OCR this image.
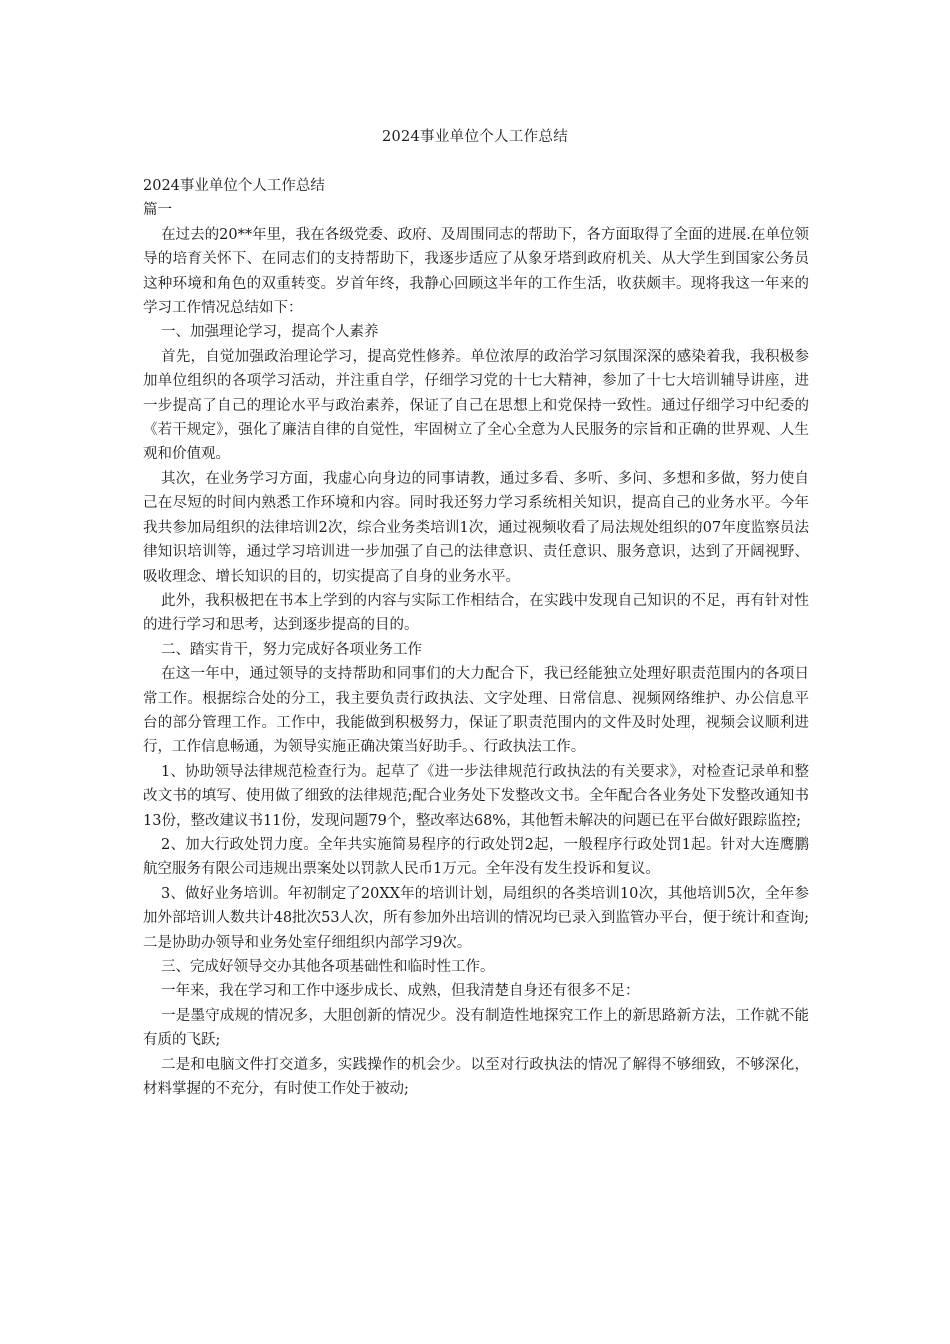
2024事业单位个人工作总结

2024事业单位个人工作总结

篇一

在过去的20**年里，我在各级党委、政府、及周围同志的帮助下，各方面取得了全面的进展.在单位领导的培育关怀下、在同志们的支持帮助下，我逐步适应了从象牙塔到政府机关、从大学生到国家公务员这种环境和角色的双重转变。岁首年终，我静心回顾这半年的工作生活，收获颇丰。现将我这一年来的学习工作情况总结如下：

一、加强理论学习，提高个人素养

首先，自觉加强政治理论学习，提高党性修养。单位浓厚的政治学习氛围深深的感染着我，我积极参加单位组织的各项学习活动，并注重自学，仔细学习党的十七大精神，参加了十七大培训辅导讲座，进一步提高了自己的理论水平与政治素养，保证了自己在思想上和党保持一致性。通过仔细学习中纪委的《若干规定》，强化了廉洁自律的自觉性，牢固树立了全心全意为人民服务的宗旨和正确的世界观、人生观和价值观。

其次，在业务学习方面，我虚心向身边的同事请教，通过多看、多听、多问、多想和多做，努力使自己在尽短的时间内熟悉工作环境和内容。同时我还努力学习系统相关知识，提高自己的业务水平。今年我共参加局组织的法律培训2次，综合业务类培训1次，通过视频收看了局法规处组织的07年度监察员法律知识培训等，通过学习培训进一步加强了自己的法律意识、责任意识、服务意识，达到了开阔视野、吸收理念、增长知识的目的，切实提高了自身的业务水平。

此外，我积极把在书本上学到的内容与实际工作相结合，在实践中发现自己知识的不足，再有针对性的进行学习和思考，达到逐步提高的目的。

二、踏实肯干，努力完成好各项业务工作

在这一年中，通过领导的支持帮助和同事们的大力配合下，我已经能独立处理好职责范围内的各项日常工作。根据综合处的分工，我主要负责行政执法、文字处理、日常信息、视频网络维护、办公信息平台的部分管理工作。工作中，我能做到积极努力，保证了职责范围内的文件及时处理，视频会议顺利进行，工作信息畅通，为领导实施正确决策当好助手。、行政执法工作。

1、协助领导法律规范检查行为。起草了《进一步法律规范行政执法的有关要求》，对检查记录单和整改文书的填写、使用做了细致的法律规范;配合业务处下发整改文书。全年配合各业务处下发整改通知书13份，整改建议书11份，发现问题79个，整改率达68%，其他暂未解决的问题已在平台做好跟踪监控;

2、加大行政处罚力度。全年共实施简易程序的行政处罚2起，一般程序行政处罚1起。针对大连鹰鹏航空服务有限公司违规出票案处以罚款人民币1万元。全年没有发生投诉和复议。

3、做好业务培训。年初制定了20XX年的培训计划，局组织的各类培训10次，其他培训5次，全年参加外部培训人数共计48批次53人次，所有参加外出培训的情况均已录入到监管办平台，便于统计和查询;二是协助办领导和业务处室仔细组织内部学习9次。

三、完成好领导交办其他各项基础性和临时性工作。

一年来，我在学习和工作中逐步成长、成熟，但我清楚自身还有很多不足：

一是墨守成规的情况多，大胆创新的情况少。没有制造性地探究工作上的新思路新方法，工作就不能有质的飞跃;

二是和电脑文件打交道多，实践操作的机会少。以至对行政执法的情况了解得不够细致，不够深化，材料掌握的不充分，有时使工作处于被动;
